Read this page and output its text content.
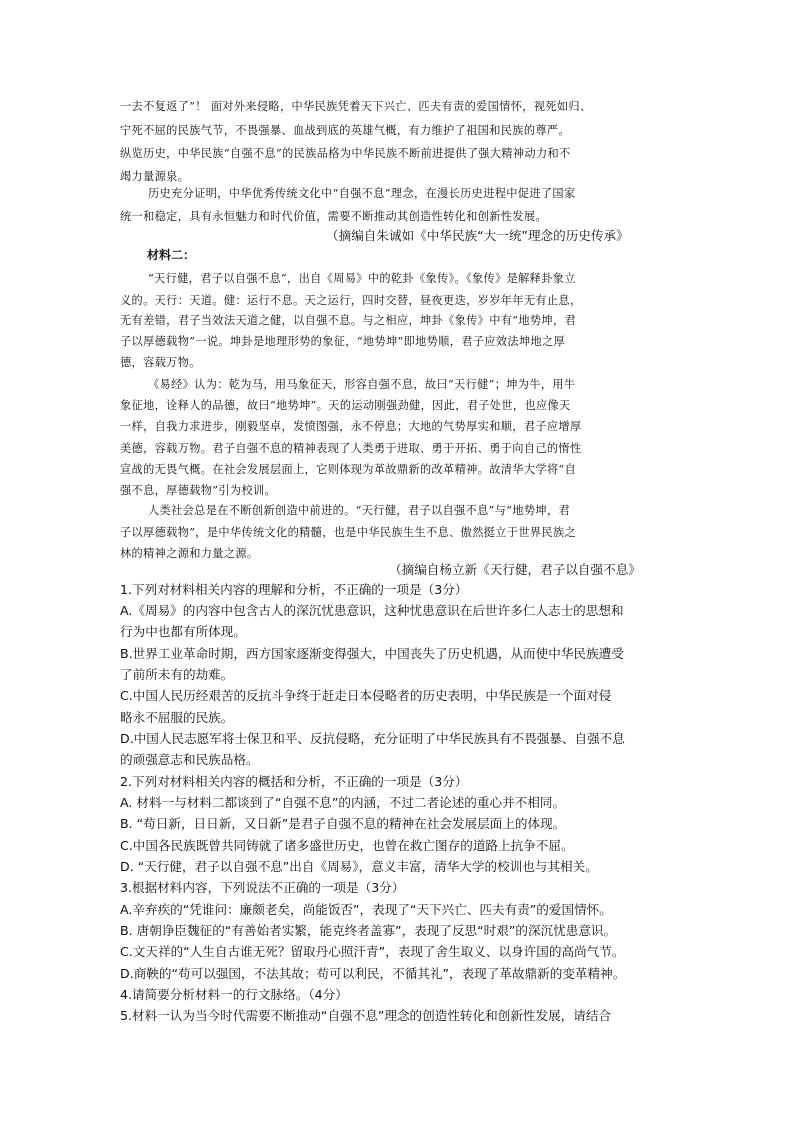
一去不复返了”！ 面对外来侵略，中华民族凭着天下兴亡、匹夫有责的爱国情怀，视死如归、
宁死不屈的民族气节，不畏强暴、血战到底的英雄气概，有力维护了祖国和民族的尊严。
纵览历史，中华民族“自强不息”的民族品格为中华民族不断前进提供了强大精神动力和不
竭力量源泉。
历史充分证明，中华优秀传统文化中“自强不息”理念，在漫长历史进程中促进了国家
统一和稳定，具有永恒魅力和时代价值，需要不断推动其创造性转化和创新性发展。
（摘编自朱诚如《中华民族“大一统”理念的历史传承》
材料二：
“天行健，君子以自强不息”，出自《周易》中的乾卦《象传》。《象传》是解释卦象立
义的。天行：天道。健：运行不息。天之运行，四时交替，昼夜更迭，岁岁年年无有止息，
无有差错，君子当效法天道之健，以自强不息。与之相应，坤卦《象传》中有“地势坤，君
子以厚德载物”一说。坤卦是地理形势的象征，“地势坤”即地势顺，君子应效法坤地之厚
德，容载万物。
《易经》认为：乾为马，用马象征天，形容自强不息，故曰“天行健”；坤为牛，用牛
象征地，诠释人的品德，故曰“地势坤”。天的运动刚强劲健，因此，君子处世，也应像天
一样，自我力求进步，刚毅坚卓，发愤图强，永不停息；大地的气势厚实和顺，君子应增厚
美德，容载万物。君子自强不息的精神表现了人类勇于进取、勇于开拓、勇于向自己的惰性
宣战的无畏气概。在社会发展层面上，它则体现为革故鼎新的改革精神。故清华大学将“自
强不息，厚德载物”引为校训。
人类社会总是在不断创新创造中前进的。“天行健，君子以自强不息”与“地势坤，君
子以厚德载物”，是中华传统文化的精髓，也是中华民族生生不息、傲然挺立于世界民族之
林的精神之源和力量之源。
（摘编自杨立新《天行健，君子以自强不息》
1.下列对材料相关内容的理解和分析，不正确的一项是（3分）
A.《周易》的内容中包含古人的深沉忧患意识，这种忧患意识在后世许多仁人志士的思想和
行为中也都有所体现。
B.世界工业革命时期，西方国家逐渐变得强大，中国丧失了历史机遇，从而使中华民族遭受
了前所未有的劫难。
C.中国人民历经艰苦的反抗斗争终于赶走日本侵略者的历史表明，中华民族是一个面对侵
略永不屈服的民族。
D.中国人民志愿军将士保卫和平、反抗侵略，充分证明了中华民族具有不畏强暴、自强不息
的顽强意志和民族品格。
2.下列对材料相关内容的概括和分析，不正确的一项是（3分）
A. 材料一与材料二都谈到了“自强不息”的内涵，不过二者论述的重心并不相同。
B. “苟日新，日日新，又日新”是君子自强不息的精神在社会发展层面上的体现。
C.中国各民族既曾共同铸就了诸多盛世历史，也曾在救亡图存的道路上抗争不屈。
D. “天行健，君子以自强不息”出自《周易》，意义丰富，清华大学的校训也与其相关。
3.根据材料内容，下列说法不正确的一项是（3分）
A.辛弃疾的“凭谁问：廉颇老矣，尚能饭否”，表现了“天下兴亡、匹夫有责”的爱国情怀。
B. 唐朝诤臣魏征的“有善始者实繁，能克终者盖寡”，表现了反思“时艰”的深沉忧患意识。
C.文天祥的“人生自古谁无死？留取丹心照汗青”，表现了舍生取义、以身许国的高尚气节。
D.商鞅的“苟可以强国，不法其故；苟可以利民，不循其礼”，表现了革故鼎新的变革精神。
4.请简要分析材料一的行文脉络。（4分）
5.材料一认为当今时代需要不断推动“自强不息”理念的创造性转化和创新性发展，请结合
